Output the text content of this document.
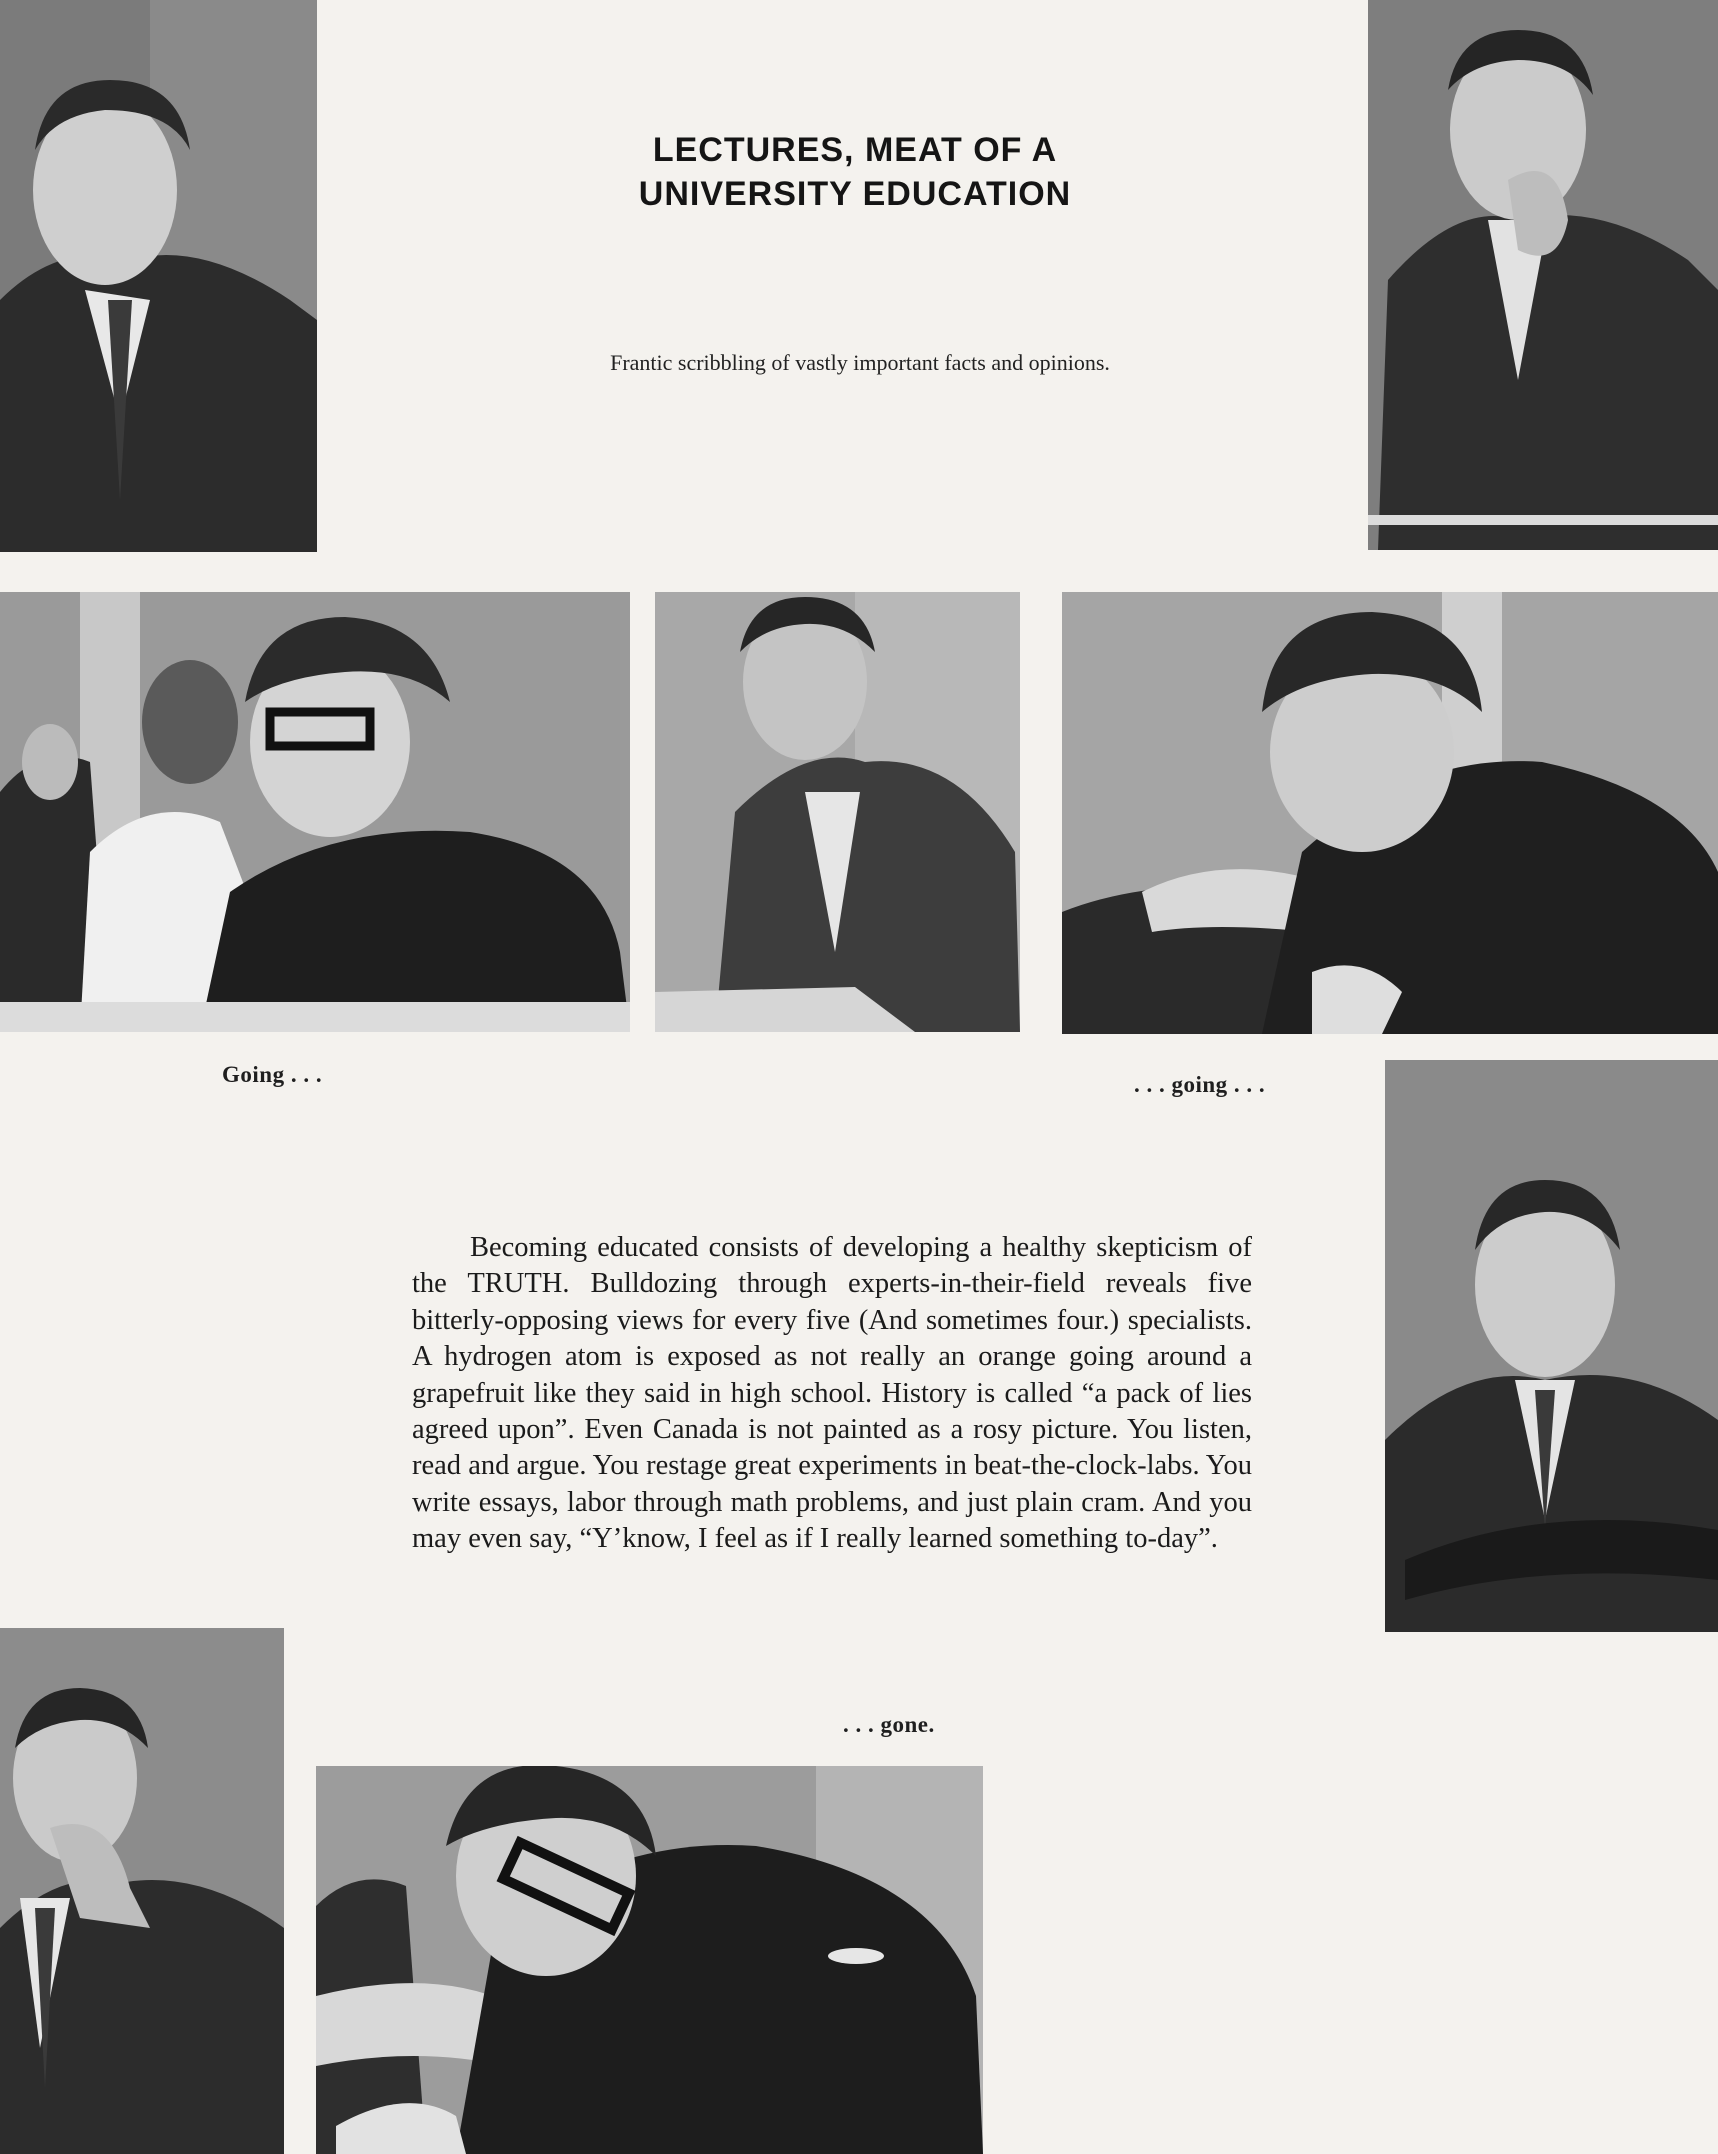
LECTURES, MEAT OF A
UNIVERSITY EDUCATION
Frantic scribbling of vastly important facts and opinions.
Going . . .	. . . going . . .

Becoming educated consists of developing a healthy skepticism of the TRUTH. Bulldozing through experts-in-their-field reveals five bitterly-opposing views for every five (And sometimes four.) specialists. A hydrogen atom is exposed as not really an orange going around a grapefruit like they said in high school. History is called “a pack of lies agreed upon”. Even Canada is not painted as a rosy picture. You listen, read and argue. You restage great experiments in beat-the-clock-labs. You write essays, labor through math problems, and just plain cram. And you may even say, “Y’know, I feel as if I really learned something to-day”.

. . . gone.
